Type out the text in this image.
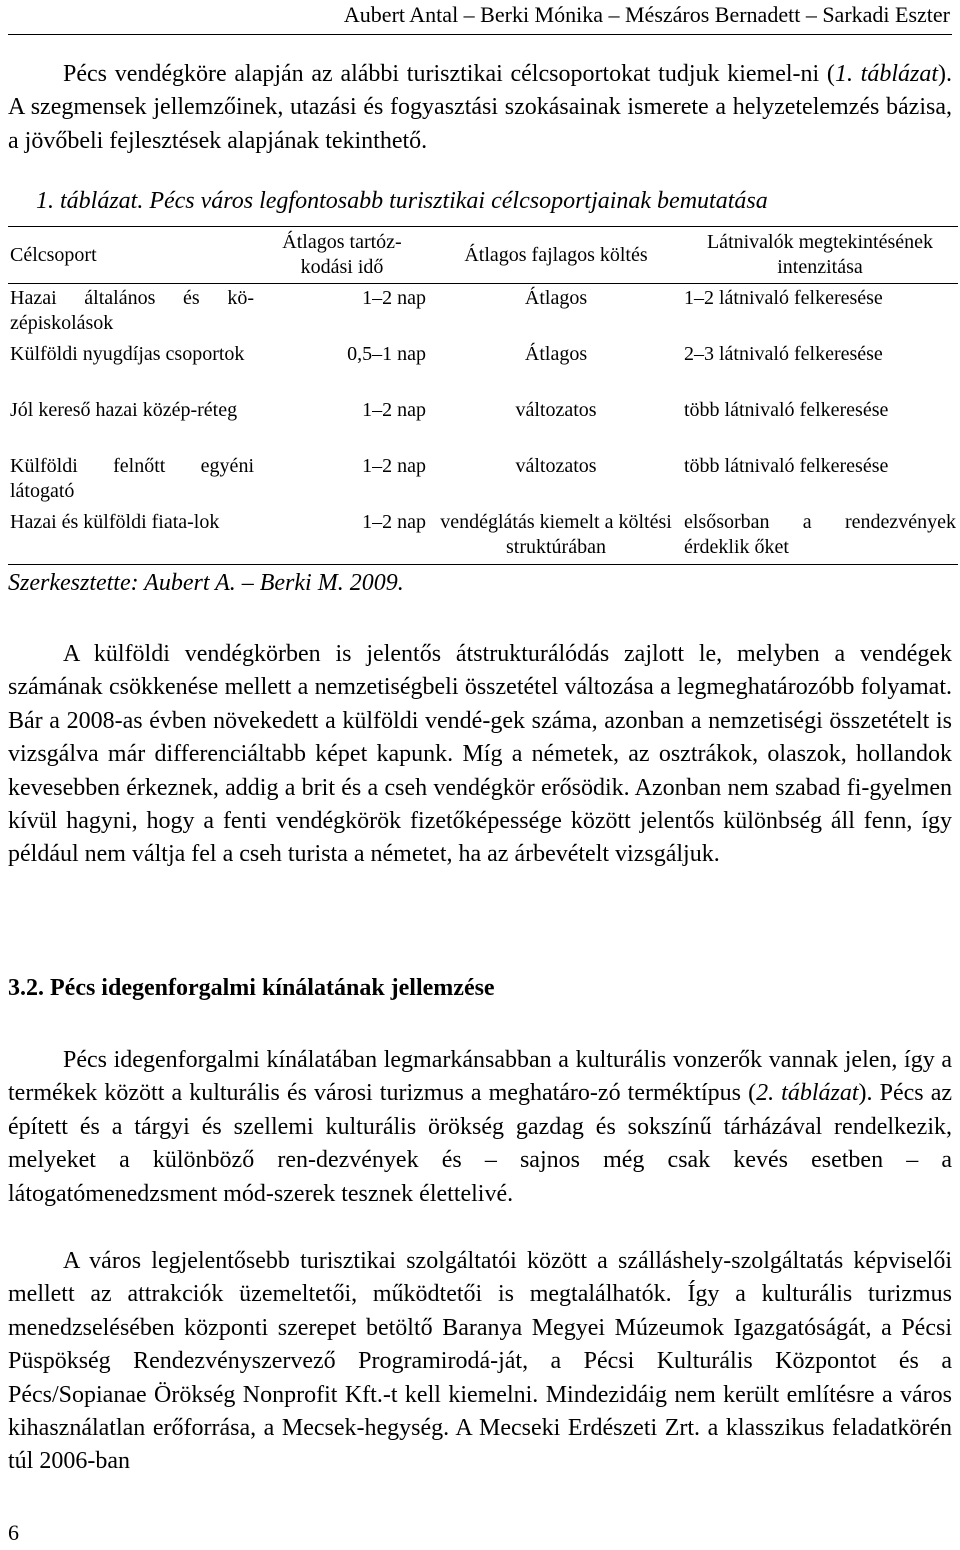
Aubert Antal – Berki Mónika – Mészáros Bernadett – Sarkadi Eszter

Pécs vendégköre alapján az alábbi turisztikai célcsoportokat tudjuk kiemel-ni (1. táblázat). A szegmensek jellemzőinek, utazási és fogyasztási szokásainak ismerete a helyzetelemzés bázisa, a jövőbeli fejlesztések alapjának tekinthető.

1. táblázat. Pécs város legfontosabb turisztikai célcsoportjainak bemutatása
Célcsoport	Átlagos tartóz-kodási idő	Átlagos fajlagos költés	Látnivalók megtekintésének intenzitása
Hazai általános és kö-zépiskolások	1–2 nap	Átlagos	1–2 látnivaló felkeresése
Külföldi nyugdíjas csoportok	0,5–1 nap	Átlagos	2–3 látnivaló felkeresése
Jól kereső hazai közép-réteg	1–2 nap	változatos	több látnivaló felkeresése
Külföldi felnőtt egyéni látogató	1–2 nap	változatos	több látnivaló felkeresése
Hazai és külföldi fiata-lok	1–2 nap	vendéglátás kiemelt a költési struktúrában	elsősorban a rendezvények érdeklik őket
Szerkesztette: Aubert A. – Berki M. 2009.

A külföldi vendégkörben is jelentős átstrukturálódás zajlott le, melyben a vendégek számának csökkenése mellett a nemzetiségbeli összetétel változása a legmeghatározóbb folyamat. Bár a 2008-as évben növekedett a külföldi vendé-gek száma, azonban a nemzetiségi összetételt is vizsgálva már differenciáltabb képet kapunk. Míg a németek, az osztrákok, olaszok, hollandok kevesebben érkeznek, addig a brit és a cseh vendégkör erősödik. Azonban nem szabad fi-gyelmen kívül hagyni, hogy a fenti vendégkörök fizetőképessége között jelentős különbség áll fenn, így például nem váltja fel a cseh turista a németet, ha az árbevételt vizsgáljuk.

3.2. Pécs idegenforgalmi kínálatának jellemzése

Pécs idegenforgalmi kínálatában legmarkánsabban a kulturális vonzerők vannak jelen, így a termékek között a kulturális és városi turizmus a meghatáro-zó terméktípus (2. táblázat). Pécs az épített és a tárgyi és szellemi kulturális örökség gazdag és sokszínű tárházával rendelkezik, melyeket a különböző ren-dezvények és – sajnos még csak kevés esetben – a látogatómenedzsment mód-szerek tesznek élettelivé.

A város legjelentősebb turisztikai szolgáltatói között a szálláshely-szolgáltatás képviselői mellett az attrakciók üzemeltetői, működtetői is megtalálhatók. Így a kulturális turizmus menedzselésében központi szerepet betöltő Baranya Megyei Múzeumok Igazgatóságát, a Pécsi Püspökség Rendezvényszervező Programirodá-ját, a Pécsi Kulturális Központot és a Pécs/Sopianae Örökség Nonprofit Kft.-t kell kiemelni. Mindezidáig nem került említésre a város kihasználatlan erőforrása, a Mecsek-hegység. A Mecseki Erdészeti Zrt. a klasszikus feladatkörén túl 2006-ban

6
